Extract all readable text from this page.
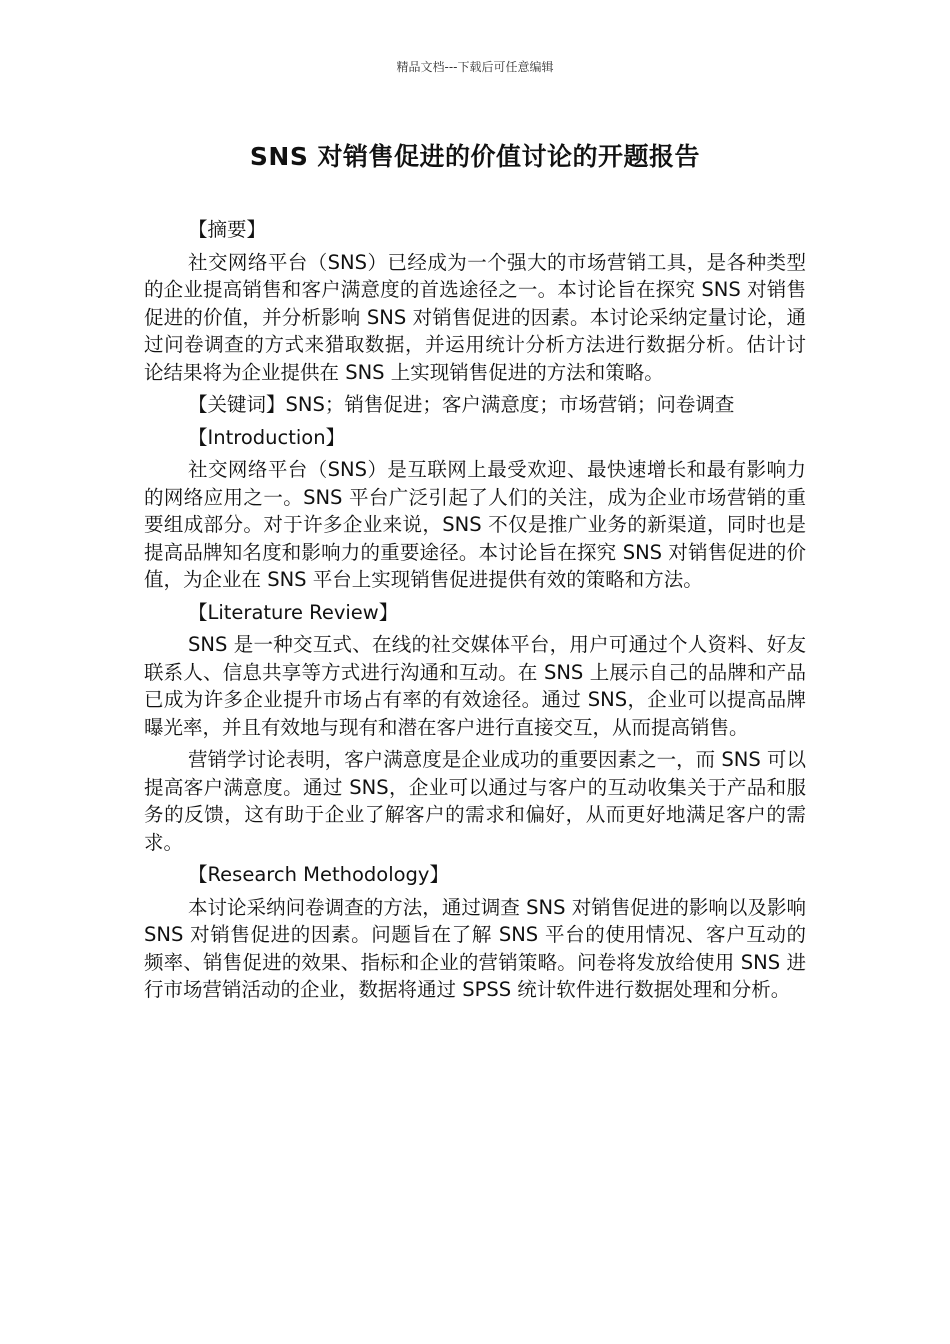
精品文档---下载后可任意编辑
SNS 对销售促进的价值讨论的开题报告

【摘要】

社交网络平台（SNS）已经成为一个强大的市场营销工具，是各种类型的企业提高销售和客户满意度的首选途径之一。本讨论旨在探究 SNS 对销售促进的价值，并分析影响 SNS 对销售促进的因素。本讨论采纳定量讨论，通过问卷调查的方式来猎取数据，并运用统计分析方法进行数据分析。估计讨论结果将为企业提供在 SNS 上实现销售促进的方法和策略。

【关键词】SNS；销售促进；客户满意度；市场营销；问卷调查

【Introduction】

社交网络平台（SNS）是互联网上最受欢迎、最快速增长和最有影响力的网络应用之一。SNS 平台广泛引起了人们的关注，成为企业市场营销的重要组成部分。对于许多企业来说，SNS 不仅是推广业务的新渠道，同时也是提高品牌知名度和影响力的重要途径。本讨论旨在探究 SNS 对销售促进的价值，为企业在 SNS 平台上实现销售促进提供有效的策略和方法。

【Literature Review】

SNS 是一种交互式、在线的社交媒体平台，用户可通过个人资料、好友联系人、信息共享等方式进行沟通和互动。在 SNS 上展示自己的品牌和产品已成为许多企业提升市场占有率的有效途径。通过 SNS，企业可以提高品牌曝光率，并且有效地与现有和潜在客户进行直接交互，从而提高销售。

营销学讨论表明，客户满意度是企业成功的重要因素之一，而 SNS 可以提高客户满意度。通过 SNS，企业可以通过与客户的互动收集关于产品和服务的反馈，这有助于企业了解客户的需求和偏好，从而更好地满足客户的需求。

【Research Methodology】

本讨论采纳问卷调查的方法，通过调查 SNS 对销售促进的影响以及影响 SNS 对销售促进的因素。问题旨在了解 SNS 平台的使用情况、客户互动的频率、销售促进的效果、指标和企业的营销策略。问卷将发放给使用 SNS 进行市场营销活动的企业，数据将通过 SPSS 统计软件进行数据处理和分析。
